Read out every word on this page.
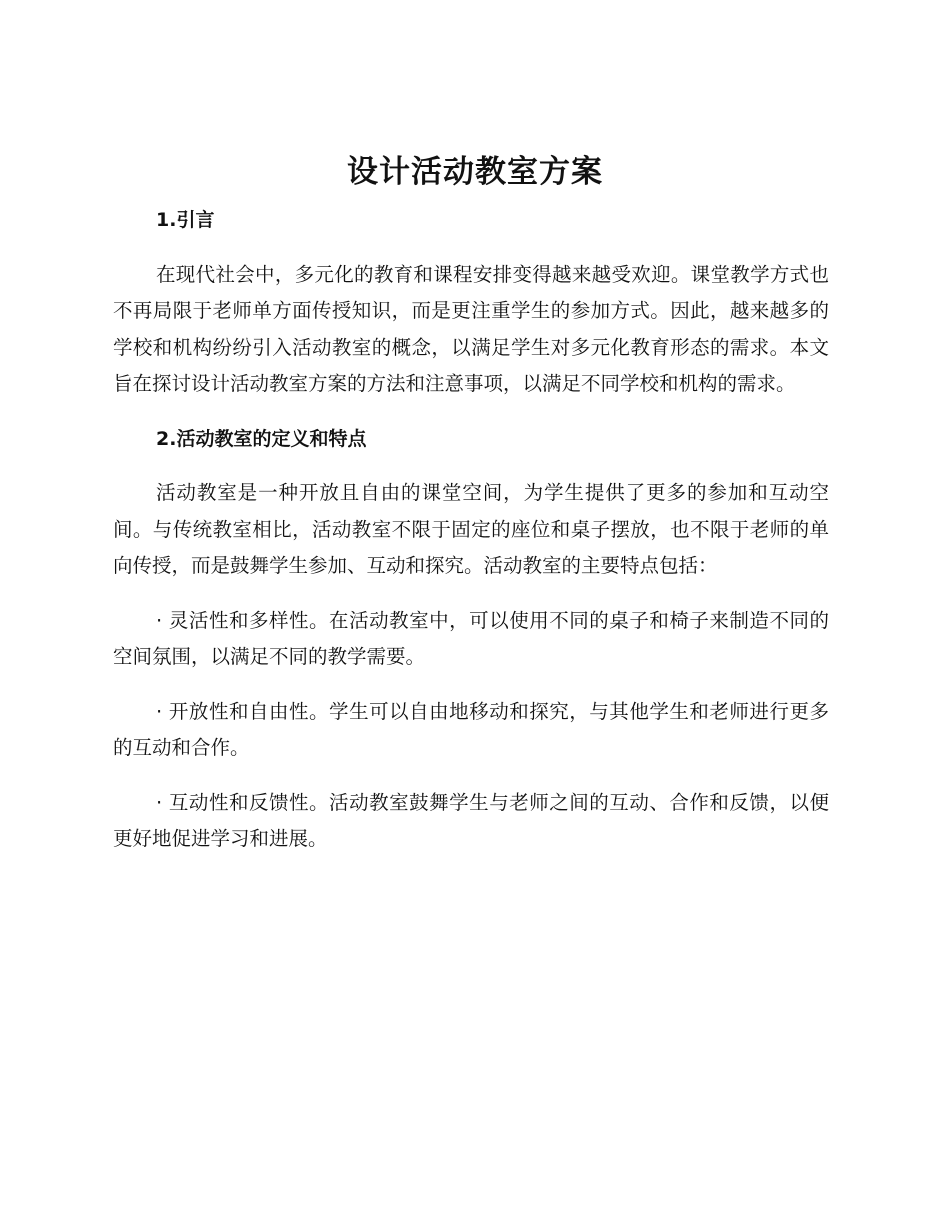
设计活动教室方案

1.引言

在现代社会中，多元化的教育和课程安排变得越来越受欢迎。课堂教学方式也不再局限于老师单方面传授知识，而是更注重学生的参加方式。因此，越来越多的学校和机构纷纷引入活动教室的概念，以满足学生对多元化教育形态的需求。本文旨在探讨设计活动教室方案的方法和注意事项，以满足不同学校和机构的需求。

2.活动教室的定义和特点

活动教室是一种开放且自由的课堂空间，为学生提供了更多的参加和互动空间。与传统教室相比，活动教室不限于固定的座位和桌子摆放，也不限于老师的单向传授，而是鼓舞学生参加、互动和探究。活动教室的主要特点包括：

· 灵活性和多样性。在活动教室中，可以使用不同的桌子和椅子来制造不同的空间氛围，以满足不同的教学需要。

· 开放性和自由性。学生可以自由地移动和探究，与其他学生和老师进行更多的互动和合作。

· 互动性和反馈性。活动教室鼓舞学生与老师之间的互动、合作和反馈，以便更好地促进学习和进展。
